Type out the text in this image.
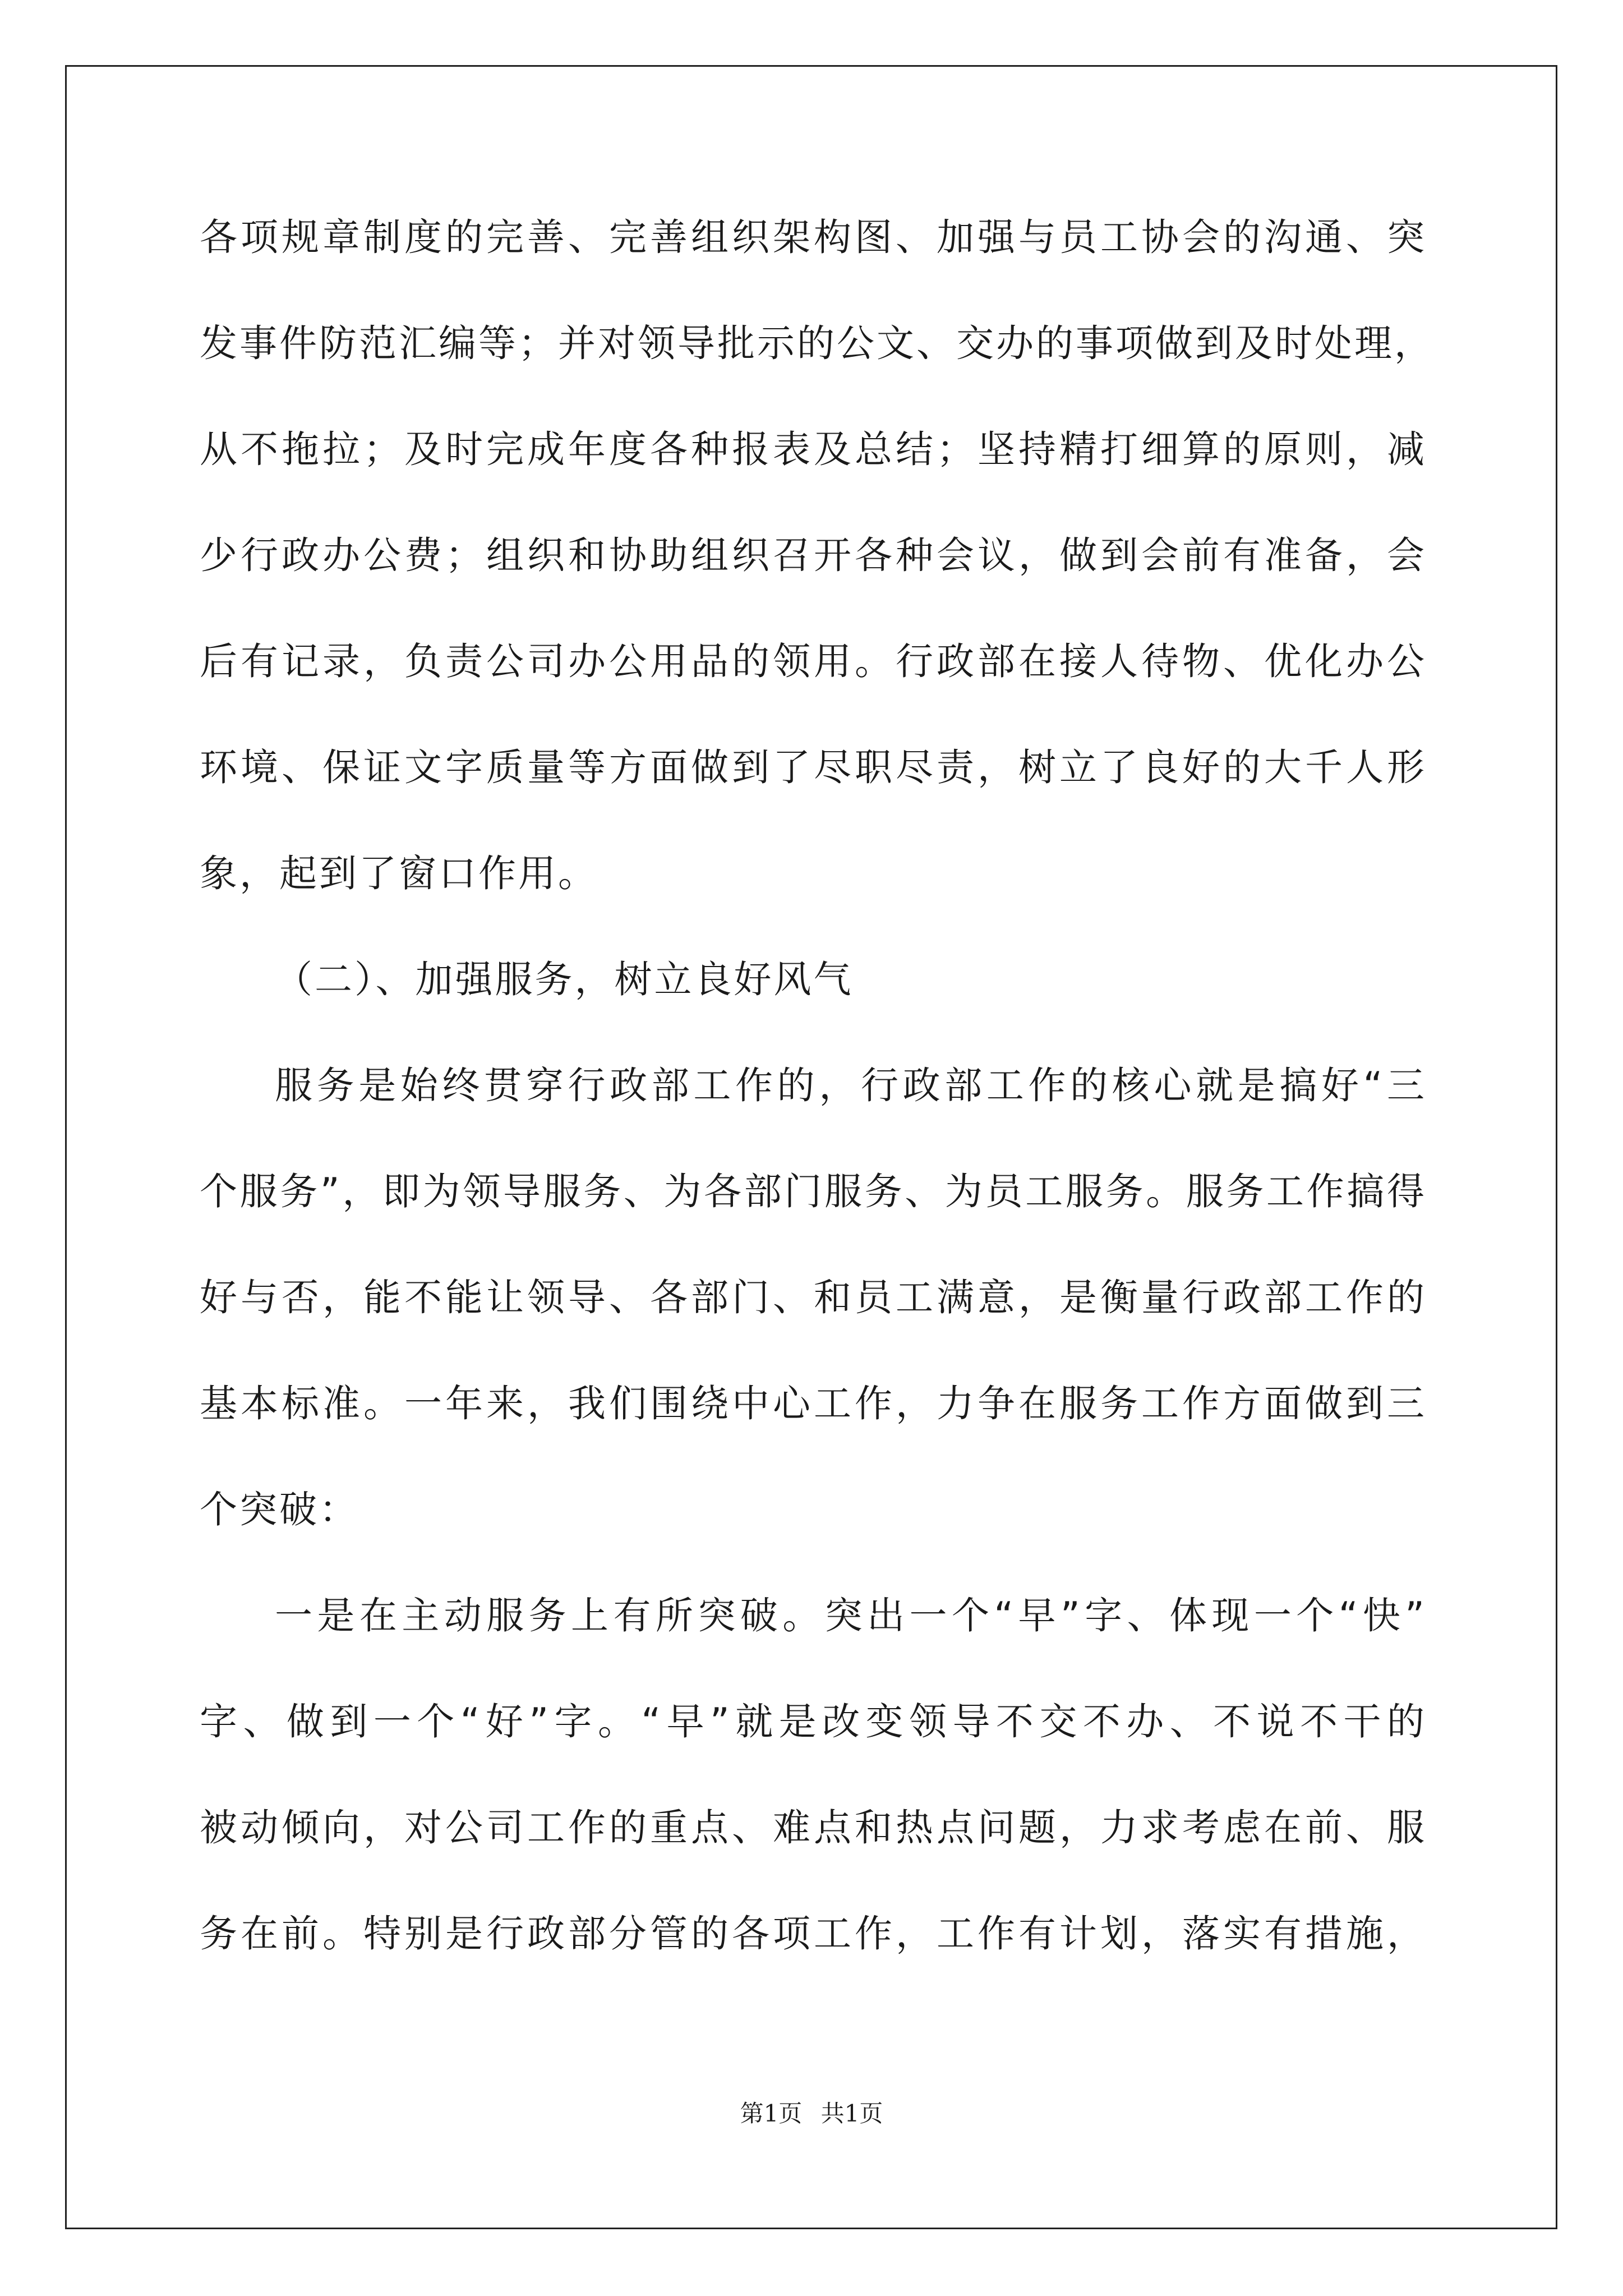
各项规章制度的完善、完善组织架构图、加强与员工协会的沟通、突
发事件防范汇编等；并对领导批示的公文、交办的事项做到及时处理，
从不拖拉；及时完成年度各种报表及总结；坚持精打细算的原则，减
少行政办公费；组织和协助组织召开各种会议，做到会前有准备，会
后有记录，负责公司办公用品的领用。行政部在接人待物、优化办公
环境、保证文字质量等方面做到了尽职尽责，树立了良好的大千人形
象，起到了窗口作用。
（二）、加强服务，树立良好风气
服务是始终贯穿行政部工作的，行政部工作的核心就是搞好“三
个服务”，即为领导服务、为各部门服务、为员工服务。服务工作搞得
好与否，能不能让领导、各部门、和员工满意，是衡量行政部工作的
基本标准。一年来，我们围绕中心工作，力争在服务工作方面做到三
个突破：
一是在主动服务上有所突破。突出一个“早”字、体现一个“快”
字、做到一个“好”字。“早”就是改变领导不交不办、不说不干的
被动倾向，对公司工作的重点、难点和热点问题，力求考虑在前、服
务在前。特别是行政部分管的各项工作，工作有计划，落实有措施，
第1页 共1页
